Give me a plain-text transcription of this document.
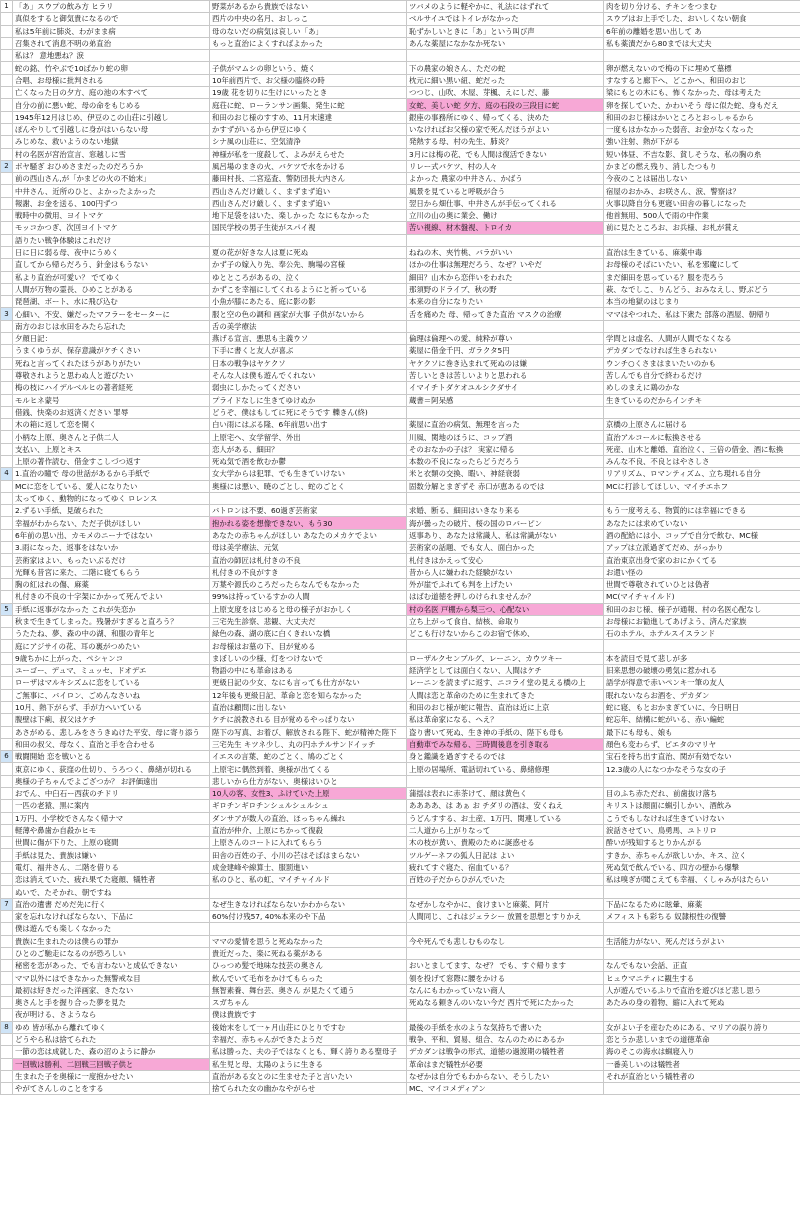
1	「あ」スウプの飲み方 ヒラリ	野菜があるから貴族ではない	ツバメのように軽やかに、礼法にはずれて	肉を切り分ける、チキンをつまむ
	真似をすると御気貴になるので	西片の中央の名月、おしっこ	ベルサイユではトイレがなかった	スウプはお上手でした、おいしくない朝食
	私は5年前に肺炎、わがまま病	母のないだの病気は哀しい「あ」	恥ずかしいときに「あ」という叫び声	6年前の離婚を思い出して あ
	召集されて消息不明の弟直治	もっと直治によくすればよかった	あんな薬屋になかなか死ない	私も薬漬だから80までは大丈夫
	私は？ 意地悪ね？涙			
	蛇の銘、竹やぶで10ばかり蛇の卵	子供がマムシの卵という、焼く	下の農家の娘さん、ただの蛇	卵が燃えないので梅の下に埋めて墓標
	合唱、お母様に批判される	10年前西片で、お父様の臨終の時	枕元に細い黒い紐、蛇だった	すなすると廊下へ、どこかへ、和田のおじ
	亡くなった日の夕方、庭の池の木すべて	19歳 花を切りに生けにいったとき	つつじ、山吹、木屋、芽楓、えにしだ、藤	梁にもとの木にも、怖くなかった、母は考えた
	自分の前に悪い蛇、母の命をもじめる	庭荘に蛇、ローランサン画集、発生に蛇	女蛇、美しい蛇 夕方、庭の石段の三段目に蛇	卵を探していた、かわいそう 母に似た蛇、身もだえ
	1945年12月はじめ、伊豆のこの山荘に引越し	和田のおじ様のすすめ、11月末速達	銀座の事務所にゆく、帰ってくる、決めた	和田のおじ様はかいところとおっしゃるから
	ぽんやりして引越しに身がはいらない母	かすずがいるから伊豆にゆく	いなければお父様の家で死んだほうがよい	一度もはかなかった弱音、お金がなくなった
	みじめな、救いようのない地獄	シナ風の山荘に、空気清浄	発熱する母、村の先生、肺炎？	強い注射、熱が下がる
	村の名医が宮治宣言、窓越しに雪	神様が私を一度殺して、よみがえらせた	3月には梅の花、でも人間は復活できない	短い体昼、不吉な影、貧しそうな、私の胸の糸
2	ボヤ騒ぎ おひめさまだったのだろうか	風呂場のまきの火、バケツで水をかける	リレー式バケツ、村の人々	かまどの燃え残り、消したつもり
	前の西山さん,が「かまどの火の不始末」	藤田村長、二宮巡査、警防団長大内さん	よかった 農家の中井さん、かばう	今夜のことは届出しない
	中井さん、近所のひと、よかったよかった	西山さんだけ厳しく、まずまず追い	風景を見ていると呼吸が合う	宿屋のおかみ、お咲さん、涙、警察は？
	報謝、お金を送る、100円ずつ	西山さんだけ厳しく、まずまず追い	翌日から畑仕事、中井さんが手伝ってくれる	火事以降自分も更寝い田舎の暮しになった
	戦時中の徴用、ヨイトマケ	地下足袋をはいた、楽しかった なにもなかった	立川の山の奥に業会、働け	他首無用、500人で雨の中作業
	モッコかつぎ、次回ヨイトマケ	国民学校の男子生徒がスパイ視	苦い視線、材木盤視、トロイカ	前に見たところお、お兵様、お札が賞え
	語りたい戦争体験はこれだけ			
	日に日に弱る母、夜中にうめく	夏の花が好きな人は夏に死ぬ	ねねの木、夾竹桃、バラがいい	直治は生きている、麻薬中毒
	直してから帰らだろう、針金はもうない	かず子の嫁入り先、奉公先、駒場の宮様	ほかの仕事は無理だろう、なぜ？いやだ	お母様のそばにいたい、私を邪魔にして
	私より直治が可愛い？ でてゆく	ゆとところがあるの、泣く	細田？山木から恋伴いをわれた	まだ細田を思っている？服を売ろう
	人間が万物の霊長、ひめことがある	かずこを幸福にしてくれるようにと祈っている	那須野のドライブ、秋の野	萩、なでしこ、りんどう、おみなえし、野ぶどう
	琵琶湖、ボート、水に飛び込む	小魚が膝にあたる、庭に影の影	本来の自分になりたい	本当の地獄のはじまり
3	心細い、不安、嫌だったマフラーをセーターに	服と空の色の調和 画家が大事 子供がないから	舌を痛めた 母、帰ってきた直治 マスクの治療	ママはやつれた、私は下衆た 部落の酒屋、朝帰り
	南方のおじは水田をみたら忘れた	舌の美学療法		
	夕顔日記：	燕げる宣言、悪思も主義ウソ	倫理は倫理への愛、純粋が尊い	学問とは虚名、人間が人間でなくなる
	うまくゆうが、保存意識がケチくさい	下手に書くと友人が喜ぶ	薬屋に借金千円、ガラクタ5円	デカダンでなければ生きられない
	死ねと言ってくれたほうがありがたい	日本の戦争はヤケクソ	ヤケクソに巻き込まれて死ぬのは嫌	ウンチ○くさまはまいたいのかも
	尊敬されようと思わぬ人と遊びたい	そんな人は僕も遊んでくれない	苦しいときは苦しいよりと思われる	苦しんでも自分で終わるだけ
	梅の枝にハイデルベルヒの著者経死	弱虫にしかたってください	イマイチトダケオユルシクダサイ	めしのまえに鶏のかな
	モルヒネ蒙号	プライドなしに生きてゆけぬか	蔵書＝阿呆感	生きているのだからインチキ
	借銭、快楽のお返済ください 罪辱	どうぞ、僕はもしてに死にそうです 轢きん(終)		
	木の箱に返して恋を開く	白い雨にはぶる隆、6年前思い出す	薬屋に直治の病気、無理を言った	京橋の上原さんに届ける
	小柄な上原、奥さんと子供二人	上原宅へ、女学留学、外出	川風、関地のほうに、コップ酒	直治アルコールに転換させる
	支払い、上原とキス	恋人がある、細田？	そのおなかの子は？ 実家に帰る	死産、山木と離婚、直治泣く、三倍の借金、酒に転換
	上原の著作読む、借金すこしづつ返す	死ぬ気で酒を飲むか鬱	本数の不良になったらどうだろう	みんな不良、不良とはやさしさ
4	1.直治の瞳で 母の世話があるから手紙で	女大学からは犯罪、でも生きていけない	米と衣類の交換、暇い、神経衰弱	リアリズム、ロマンティズム、立ち現れる自分
	MCに恋をしている、愛人になりたい	奥様には悪い、暁のごとし、蛇のごとく	固数分解とまぎずそ 赤口が恵あるのでは	MCに打診してほしい、マイチエホフ
	太ってゆく、動物的になってゆく ロレンス			
	2.ずるい手紙、見破られた	バトロンは不要、60過ぎ芸術家	求婚、断る、細田はいきなり来る	もう一度考える、物質的には幸福にできる
	幸福がわからない、ただ子供がほしい	抱かれる姿を想像できない、もう30	海が曇ったの破片、桜の国のロバーピン	あなたには求めていない
	6年前の思い出、カモメのニーナではない	あなたの赤ちゃんがほしい あなたのメカケでよい	返事あり、あなたは常識人、私は常識がない	酒の配給には小、コップで自分で飲む、MC様
	3.雨になった、返事をはないか	母は美学療法、元気	芸術家の話題、でも女人、面白かった	アップは立派過ぎてだめ、がっかり
	芸術家はよい、もったいぶるだけ	直治の師匠は札付きの不良	札付きはかえって安心	直治東京出身で家のおにかくてる
	光輝も昔宮に来た、二階に寝てもらう	札付きの不良がすき	昔から人に嫌われた経験がない	お還い怪の
	胸の紅はれの傷、麻薬	万葉や源氏のころだったらなんでもなかった	外が崖でふれても判を上げたい	世間で尊敬されていひとは偽者
	札付きの不良の十字架にかかって死んでよい	99%は持っているすかの人間	はばむ道徳を押しのけられませんか？	MC(マイチャイルド)
5	手紙に返事がなかった これが失恋か	上原支度をはじめると母の様子がおかしく	村の名医 戸棚から梨三つ、心配ない	和田のおじ様、様子が通報、村の名医心配なし
	秋まで生きてしまった。残暑がすぎると直ろう？	三宅先生診察、悲観、大丈夫だ	立ち上がって食自、結核、命取り	お母様にお勧進してあげよう、済んだ家族
	うたたね、夢、森の中の湖、和服の青年と	緑色の森、湖の底に白くきれいな橋	どこも行けないからこのお宿で休め、	石のホテル、ホテルスイスランド
	庭にアジサイの花、耳の裏がつめたい	お母様はお墓の下、目が覚める		
	9歳ちかに上がった、ペシャンコ	まぼしいの少様、灯をつけないで	ローザルクセンブルグ、レーニン、カウツキー	本を読目で見て悲しが多
	ユーゴー、デュマ、ミュッセ、ドオデエ	物語の中にも革命はある	経済学としては面白くない、人間はケチ	旧来思想の破壊の勇気に惹かれる
	ローザはマルキシズムに恋をしている	更級日記の少女、なにも言っても仕方がない	レーニンを読まずに返す、ニコライ堂の見える橋の上	語学が得意で赤いペンキ一筆の友人
	ご無事に、バイロン、ごめんなさいね	12年後も更級日記、革命と恋を知らなかった	人間は恋と革命のために生まれてきた	眠れないならお酒を、デカダン
	10月、熱下がらず、手が力へいている	直治は顧問に出しない	和田のおじ様が蛇に報告、直治は近に上京	蛇に寝、もとおかまぎていに、今日明日
	腹壁は下痢、叔父はケチ	ケチに説教される 目が覚めるやっぱりない	私は革命家になる、へえ？	蛇忘年、結構に蛇がいる、赤い編蛇
	あさがめる、悲しみをさうきぬけた平安、母に寄り添う	陛下の写真、お着び、解放される陛下、蛇が精神た陛下	盗り書いて死ぬ、生き神の手紙の、陛下も母も	最下にも母も、娘も
	和田の叔父、母なく、直治と手を合わせる	三宅先生 キツネ少し、丸の円ホテルサンドイッチ	自動車でみな帰る、三時間後息を引き取る	顔色も変わらず、ピエタのマリヤ
6	戦闘開始 恋を戦いとる	イエスの言葉、蛇のごとく、鳩のごとく	身と鑑識を過ぎすそるのでは	宝石を持ち出す直治、関が有効でない
	東京にゆく、荻窪の仕切り、うろつく、鼻緒が切れる	上原宅に偶然到着、奥様が出てくる	上原の居場所、電話切れている、鼻緒修理	12.3歳の人になつかなそうな女の子
	奥様の子ちゃんでよござつか？ お評価遠出	悲しいから仕方がない、奥様はいひと		
	おでん、中臼石ー西荻のチドリ	10人の客、女性3、ふけていた上原	蒲揺は表れに赤茶けて、顔は黄色く	目のふち赤ただれ、前歯抜け落ち
	一匹の老猿、黒に案内	ギロチンギロチンシュルシュルシュ	ああああ、は あぁ お チダリの酒は、安くねえ	キリストは顔面に蝋引しかい、酒飲み
	1万円、小学校でさんなく帰ナマ	ダンサアが数人の直治、ほっちゃん繰れ	うどんすする、お土産、1万円、関連している	こうでもしなければ生きていけない
	軽薄や鼻歯か自殺かヒモ	直治が仲介、上原にちかって復殺	二人道から上がりなって	涙話させてい、鳥勇馬、ユトリロ
	世間に傷が下りた、上原の寝間	上原さんのコートに入れてもらう	木の枝が黄い、貴殿のために誕惑せる	酔いが残知するとりかんがる
	手紙は見た、貴族は嫌い	田舎の百姓の子、小川の芒はそばはまらない	ツルゲーネフの狐人日記は よい	すきか、赤ちゃんが欲しいか、キス、泣く
	電灯、福井さん、二階を借りる	成金建峰や線算士、服罰進い	疲れてすぐ寝た、宿血ている？	死ぬ気で飲んでいる、四方の壁から爆撃
	恋は消えていた、疲れ果てた寝顔、犠牲者	私のひと、私の虹、マイチャイルド	百姓の子だからひがんでいた	私は嗅ぎが聞こえても幸福、くしゃみがはたらい
	ぬいで、たそかれ、朝ですね			
7	直治の遺書 だめだ先に行く	なぜ生きなければならないかわからない	なぜかしなやかに、食けまいと麻薬、阿片	下品になるために眩暈、麻薬
	家を忘れなければならない、下品に	60%付け残57, 40%本来のや下品	人間同じ、これはジェラシー 放置を思想とすりかえ	メフィストも彩ちる 奴隷根性の復讐
	僕は遊んでも楽しくなかった			
	貴族に生まれたのは僕らの罪か	ママの愛情を思うと死ぬなかった	今や死んでも悲しむものなし	生活能力がない、死んだほうがよい
	ひとのご馳走になるのが恐ろしい	貴近だった、楽に死ねる薬がある		
	秘密を恋があった、でも言わないと成仏できない	ひっつめ髪で地味な技芸の奥さん	おいとましてます、なぜ？ でも、すぐ帰ります	なんでもない会話、正直
	ママ以外にはできなかった無警戒な目	飲んでいて毛布をかけてもらった	領を投げて窓際に腰をかける	ヒュウマニティに観生する
	最初は好きだった洋画家、きたない	無智素養、舞台芸、奥さん が見たくて通う	なんにもわかっていない商人	人が遊んでいるふりで直治を遊びほど悲し思う
	奥さんと手を握り合った夢を見た	スガちゃん	死ぬなる頼きんのいない今だ 西片で死にたかった	あたみの身の着物、縮に入れて死ぬ
	夜が明ける、さようなら	僕は貴族です		
8	ゆめ 皆が私から離れてゆく	後始末をして一ヶ月山荘にひとりですむ	最後の手紙を水のような気持ちで書いた	女がよい子を産むためにある、マリアの誤り誇り
	どうやら私は捨てられた	幸福だ、赤ちゃんができたようだ	戦争、平和、貿易、組合、なんのためにあるか	恋とうか悲しいまでの道徳革命
	一節の恋は成就した、森の沼のように静か	私は勝った、夫の子ではなくとも、輝く誇りある聖母子	デカダンは戦争の形式、道徳の過渡期の犠牲者	海のそこの海水は蝋寝入り
	一回戦は勝利、二回戦三回戦子供と	私生児と母、太陽のように生きる	革命はまだ犠牲が必要	一番美しいのは犠牲者
	生まれた子を奥様に一度抱かせたい	直治がある女とのに生ませた子と言いたい	なぜかは自分でもわからない、そうしたい	それが直治という犠牲者の
	やがてさんしのことをする	捨てられた女の幽かなやがらせ	MC、マイコメディアン	
